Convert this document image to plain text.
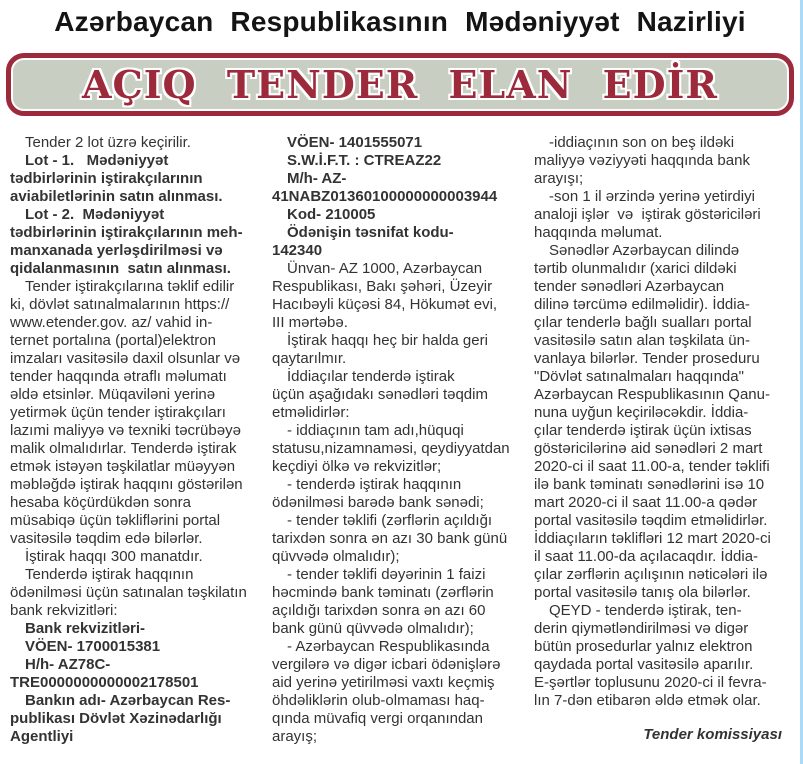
Azərbaycan Respublikasının Mədəniyyət Nazirliyi
AÇIQ TENDER ELAN EDİR
Tender 2 lot üzrə keçirilir.
Lot - 1.   Mədəniyyət
tədbirlərinin iştirakçılarının
aviabiletlərinin satın alınması.
Lot - 2.  Mədəniyyət
tədbirlərinin iştirakçılarının meh-
manxanada yerləşdirilməsi və
qidalanmasının  satın alınması.
Tender iştirakçılarına təklif edilir
ki, dövlət satınalmalarının https://
www.etender.gov. az/ vahid in-
ternet portalına (portal)elektron
imzaları vasitəsilə daxil olsunlar və
tender haqqında ətraflı məlumatı
əldə etsinlər. Müqaviləni yerinə
yetirmək üçün tender iştirakçıları
lazımi maliyyə və texniki təcrübəyə
malik olmalıdırlar. Tenderdə iştirak
etmək istəyən təşkilatlar müəyyən
məbləğdə iştirak haqqını göstərilən
hesaba köçürdükdən sonra
müsabiqə üçün təkliflərini portal
vasitəsilə təqdim edə bilərlər.
İştirak haqqı 300 manatdır.
Tenderdə iştirak haqqının
ödənilməsi üçün satınalan təşkilatın
bank rekvizitləri:
Bank rekvizitləri-
VÖEN- 1700015381
H/h- AZ78C-
TRE0000000000002178501
Bankın adı- Azərbaycan Res-
publikası Dövlət Xəzinədarlığı
Agentliyi
VÖEN- 1401555071
S.W.İ.F.T. : CTREAZ22
M/h- AZ-
41NABZ01360100000000003944
Kod- 210005
Ödənişin təsnifat kodu-
142340
Ünvan- AZ 1000, Azərbaycan
Respublikası, Bakı şəhəri, Üzeyir
Hacıbəyli küçəsi 84, Hökumət evi,
III mərtəbə.
İştirak haqqı heç bir halda geri
qaytarılmır.
İddiaçılar tenderdə iştirak
üçün aşağıdakı sənədləri təqdim
etməlidirlər:
- iddiaçının tam adı,hüquqi
statusu,nizamnaməsi, qeydiyyatdan
keçdiyi ölkə və rekvizitlər;
- tenderdə iştirak haqqının
ödənilməsi barədə bank sənədi;
- tender təklifi (zərflərin açıldığı
tarixdən sonra ən azı 30 bank günü
qüvvədə olmalıdır);
- tender təklifi dəyərinin 1 faizi
həcmində bank təminatı (zərflərin
açıldığı tarixdən sonra ən azı 60
bank günü qüvvədə olmalıdır);
- Azərbaycan Respublikasında
vergilərə və digər icbari ödənişlərə
aid yerinə yetirilməsi vaxtı keçmiş
öhdəliklərin olub-olmaması haq-
qında müvafiq vergi orqanından
arayış;
-iddiaçının son on beş ildəki
maliyyə vəziyyəti haqqında bank
arayışı;
-son 1 il ərzində yerinə yetirdiyi
analoji işlər  və  iştirak göstəriciləri
haqqında məlumat.
Sənədlər Azərbaycan dilində
tərtib olunmalıdır (xarici dildəki
tender sənədləri Azərbaycan
dilinə tərcümə edilməlidir). İddia-
çılar tenderlə bağlı sualları portal
vasitəsilə satın alan təşkilata ün-
vanlaya bilərlər. Tender proseduru
"Dövlət satınalmaları haqqında"
Azərbaycan Respublikasının Qanu-
nuna uyğun keçiriləcəkdir. İddia-
çılar tenderdə iştirak üçün ixtisas
göstəricilərinə aid sənədləri 2 mart
2020-ci il saat 11.00-a, tender təklifi
ilə bank təminatı sənədlərini isə 10
mart 2020-ci il saat 11.00-a qədər
portal vasitəsilə təqdim etməlidirlər.
İddiaçıların təklifləri 12 mart 2020-ci
il saat 11.00-da açılacaqdır. İddia-
çılar zərflərin açılışının nəticələri ilə
portal vasitəsilə tanış ola bilərlər.
QEYD - tenderdə iştirak, ten-
derin qiymətləndirilməsi və digər
bütün prosedurlar yalnız elektron
qaydada portal vasitəsilə aparılır.
E-şərtlər toplusunu 2020-ci il fevra-
lın 7-dən etibarən əldə etmək olar.
Tender komissiyası
